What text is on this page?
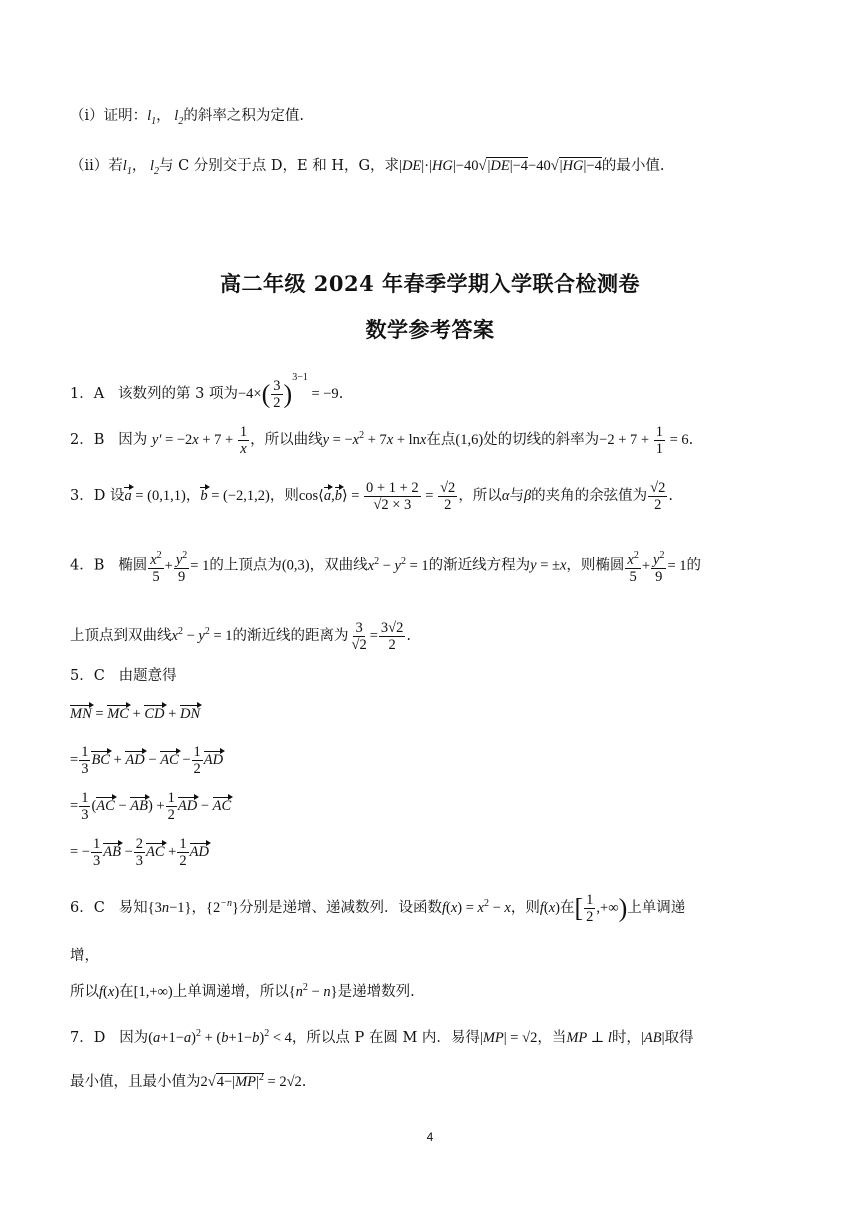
（i）证明：$l_1$， $l_2$的斜率之积为定值.
（ii）若$l_1$， $l_2$与 C 分别交于点 D，E 和 H，G，求|DE|·|HG|−40√|DE|−4−40√|HG|−4的最小值.
高二年级 2024 年春季学期入学联合检测卷
数学参考答案
1．A 该数列的第 3 项为$-4\times( \frac{3}{2} )^{3-1} = -9$.
2．B 因为 $y' = -2x + 7 + \frac{1}{x}$ ，所以曲线$y = -x^2 + 7x + \ln x$在点(1,6)处的切线的斜率为$-2 + 7 + \frac{1}{1} = 6$.
3．D 设a = (0,1,1)，b = (−2,1,2)，则cos⟨a,b⟩ = $\frac{0 + 1 + 2}{√2 \times 3} = \frac{√2}{2}$ ，所以α与β的夹角的余弦值为 $\frac{√2}{2}$ .
4．B 椭圆 $\frac{x^2}{5} + \frac{y^2}{9} = 1$的上顶点为(0,3)，双曲线$x^2 - y^2 = 1$的渐近线方程为y = ±x，则椭圆 $\frac{x^2}{5} + \frac{y^2}{9} = 1$的
上顶点到双曲线$x^2 - y^2 = 1$的渐近线的距离为 $\frac{3}{√2} = \frac{3√2}{2}$ .
5．C 由题意得
MN = MC + CD + DN
= $\frac{1}{3}$ BC + AD − AC − $\frac{1}{2}$ AD
= $\frac{1}{3} (AC - AB) + \frac{1}{2}$ AD − AC
= − $\frac{1}{3}$ AB − $\frac{2}{3}$ AC + $\frac{1}{2}$ AD
6．C 易知{3n−1}，$\{2^{-n}\}$分别是递增、递减数列．设函数$f(x) = x^2 - x$，则f(x)在[ $\frac{1}{2}$ ,+∞)上单调递
增，
所以f(x)在[1,+∞)上单调递增，所以$\{n^2 - n\}$是递增数列.
7．D 因为$(a+1-a)^2 + (b+1-b)^2 < 4$，所以点 P 在圆 M 内．易得|MP| = √2，当MP ⊥ l时，|AB|取得
最小值，且最小值为$2√4-|MP|^2 = 2√2$.
4
